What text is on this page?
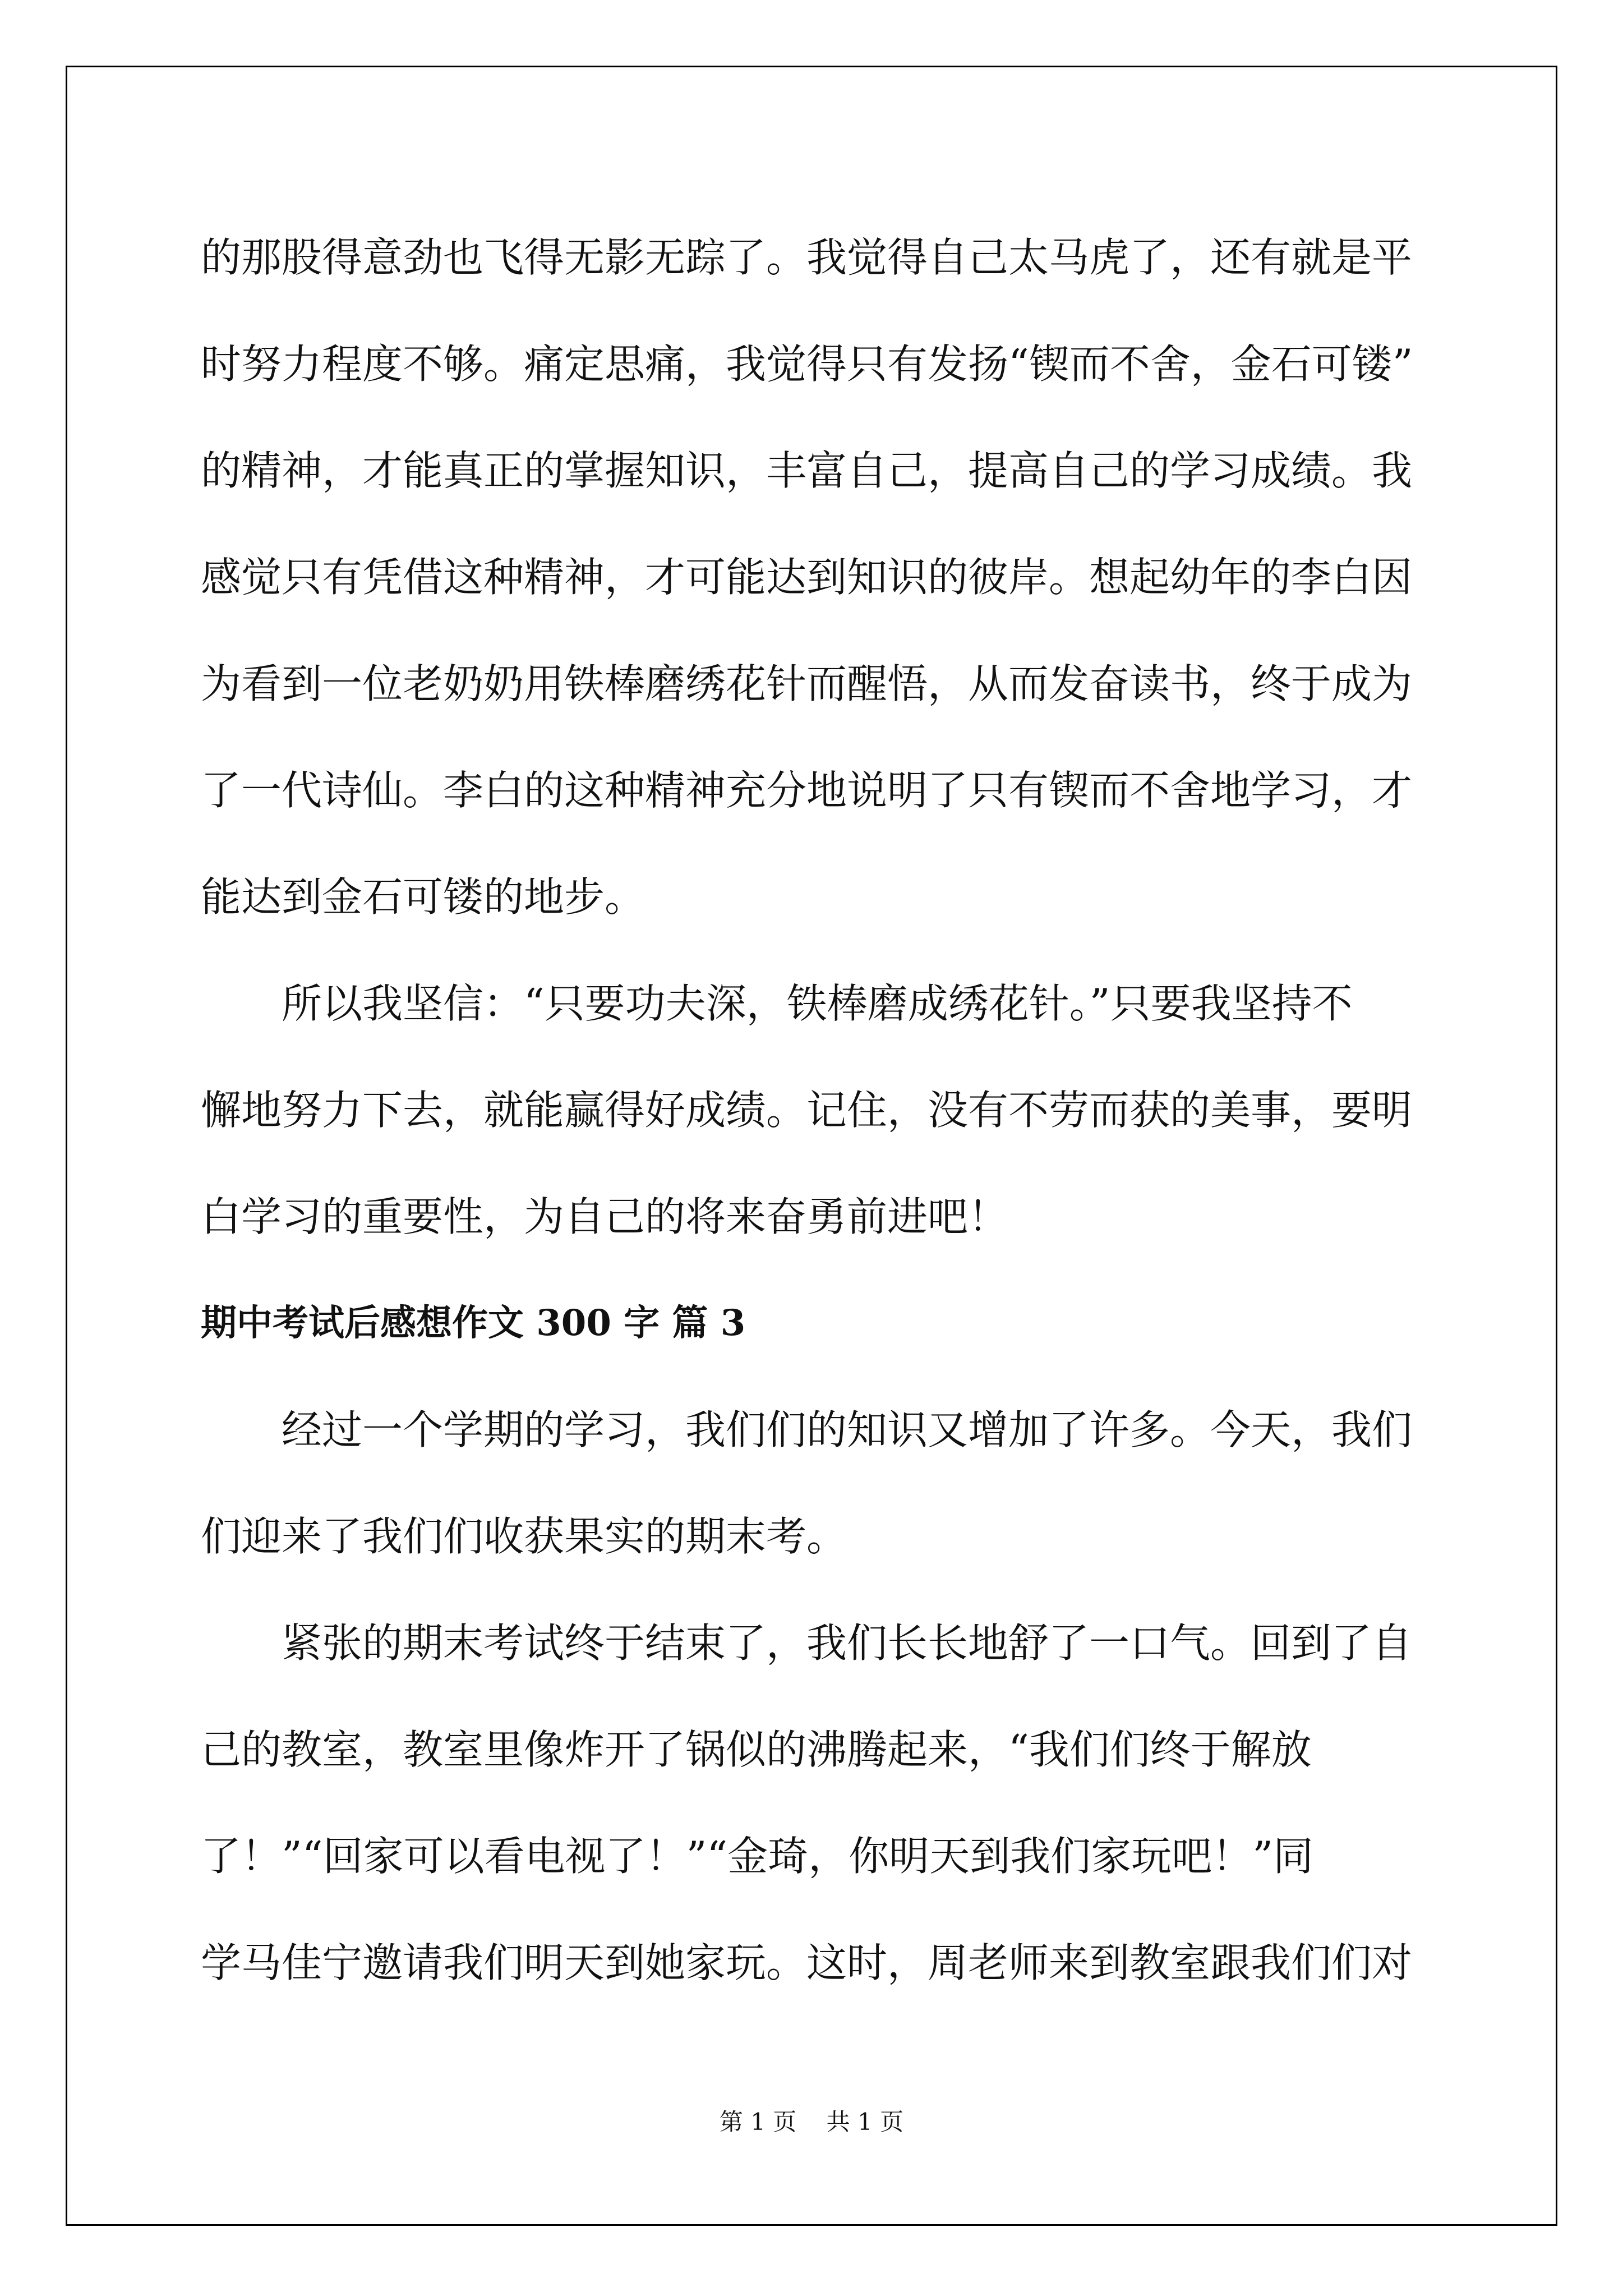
的那股得意劲也飞得无影无踪了。我觉得自己太马虎了，还有就是平

时努力程度不够。痛定思痛，我觉得只有发扬“锲而不舍，金石可镂”

的精神，才能真正的掌握知识，丰富自己，提高自己的学习成绩。我

感觉只有凭借这种精神，才可能达到知识的彼岸。想起幼年的李白因

为看到一位老奶奶用铁棒磨绣花针而醒悟，从而发奋读书，终于成为

了一代诗仙。李白的这种精神充分地说明了只有锲而不舍地学习，才

能达到金石可镂的地步。

所以我坚信：“只要功夫深，铁棒磨成绣花针。”只要我坚持不

懈地努力下去，就能赢得好成绩。记住，没有不劳而获的美事，要明

白学习的重要性，为自己的将来奋勇前进吧！

期中考试后感想作文 300 字 篇 3

经过一个学期的学习，我们们的知识又增加了许多。今天，我们

们迎来了我们们收获果实的期末考。

紧张的期末考试终于结束了，我们长长地舒了一口气。回到了自

己的教室，教室里像炸开了锅似的沸腾起来，“我们们终于解放

了！”“回家可以看电视了！”“金琦，你明天到我们家玩吧！”同

学马佳宁邀请我们明天到她家玩。这时，周老师来到教室跟我们们对

第 1 页 共 1 页
